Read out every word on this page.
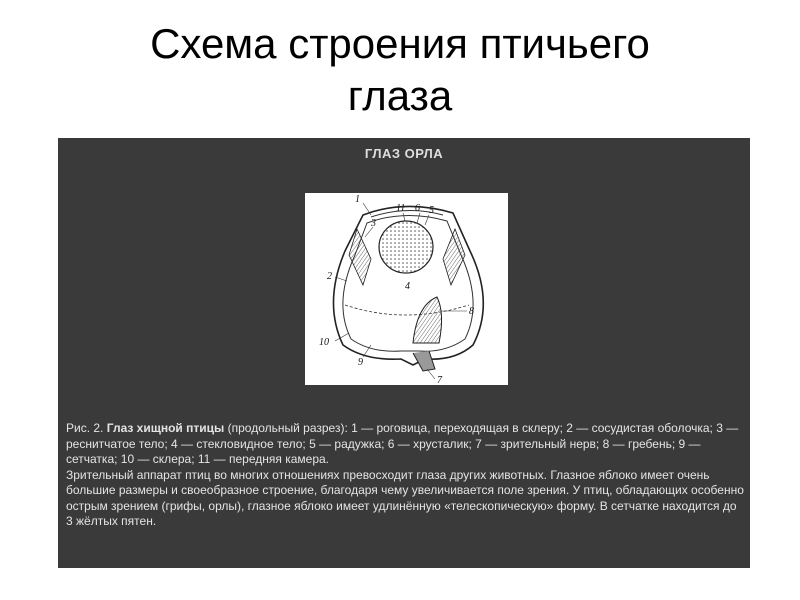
Схема строения птичьего
глаза
ГЛАЗ ОРЛА
1
11 6 5
3
2
4
8
10
9
7

Рис. 2. Глаз хищной птицы (продольный разрез): 1 — роговица, переходящая в склеру; 2 — сосудистая оболочка; 3 — реснитчатое тело; 4 — стекловидное тело; 5 — радужка; 6 — хрусталик; 7 — зрительный нерв; 8 — гребень; 9 — сетчатка; 10 — склера; 11 — передняя камера.

Зрительный аппарат птиц во многих отношениях превосходит глаза других животных. Глазное яблоко имеет очень большие размеры и своеобразное строение, благодаря чему увеличивается поле зрения. У птиц, обладающих особенно острым зрением (грифы, орлы), глазное яблоко имеет удлинённую «телескопическую» форму. В сетчатке находится до 3 жёлтых пятен.
